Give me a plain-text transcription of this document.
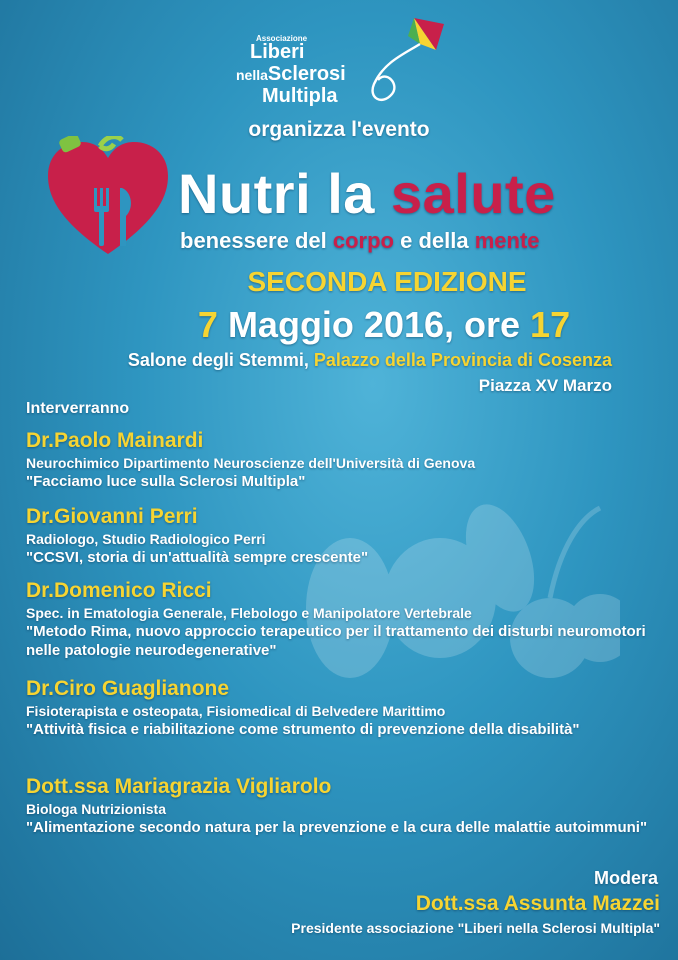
Associazione
Liberi
nellaSclerosi
Multipla
organizza l'evento
Nutri la salute
benessere del corpo e della mente
SECONDA EDIZIONE
7 Maggio 2016, ore 17
Salone degli Stemmi, Palazzo della Provincia di Cosenza
Piazza XV Marzo
Interverranno
Dr.Paolo Mainardi
Neurochimico Dipartimento Neuroscienze dell'Università di Genova
"Facciamo luce sulla Sclerosi Multipla"
Dr.Giovanni Perri
Radiologo, Studio Radiologico Perri
"CCSVI, storia di un'attualità sempre crescente"
Dr.Domenico Ricci
Spec. in Ematologia Generale, Flebologo e Manipolatore Vertebrale
"Metodo Rima, nuovo approccio terapeutico per il trattamento dei disturbi neuromotori nelle patologie neurodegenerative"
Dr.Ciro Guaglianone
Fisioterapista e osteopata, Fisiomedical di Belvedere Marittimo
"Attività fisica e riabilitazione come strumento di prevenzione della disabilità"
Dott.ssa Mariagrazia Vigliarolo
Biologa Nutrizionista
"Alimentazione secondo natura per la prevenzione e la cura delle malattie autoimmuni"
Modera
Dott.ssa Assunta Mazzei
Presidente associazione "Liberi nella Sclerosi Multipla"
